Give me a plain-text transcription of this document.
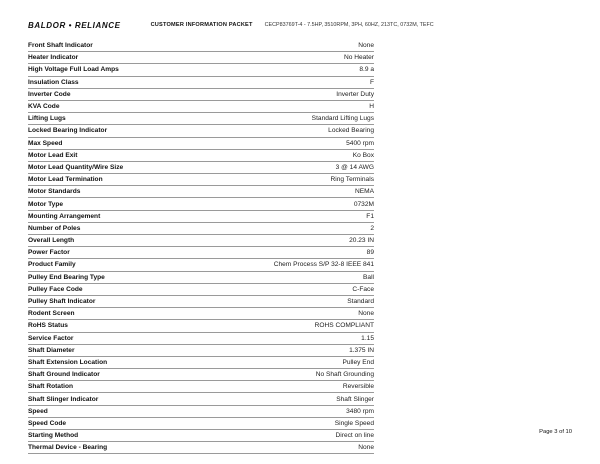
BALDOR • RELIANCE	CUSTOMER INFORMATION PACKET CECP83769T-4 - 7.5HP, 3510RPM, 3PH, 60HZ, 213TC, 0732M, TEFC
Front Shaft Indicator	None
Heater Indicator	No Heater
High Voltage Full Load Amps	8.9 a
Insulation Class	F
Inverter Code	Inverter Duty
KVA Code	H
Lifting Lugs	Standard Lifting Lugs
Locked Bearing Indicator	Locked Bearing
Max Speed	5400 rpm
Motor Lead Exit	Ko Box
Motor Lead Quantity/Wire Size	3 @ 14 AWG
Motor Lead Termination	Ring Terminals
Motor Standards	NEMA
Motor Type	0732M
Mounting Arrangement	F1
Number of Poles	2
Overall Length	20.23 IN
Power Factor	89
Product Family	Chem Process S/P 32-8 IEEE 841
Pulley End Bearing Type	Ball
Pulley Face Code	C-Face
Pulley Shaft Indicator	Standard
Rodent Screen	None
RoHS Status	ROHS COMPLIANT
Service Factor	1.15
Shaft Diameter	1.375 IN
Shaft Extension Location	Pulley End
Shaft Ground Indicator	No Shaft Grounding
Shaft Rotation	Reversible
Shaft Slinger Indicator	Shaft Slinger
Speed	3480 rpm
Speed Code	Single Speed
Starting Method	Direct on line
Thermal Device - Bearing	None
Page 3 of 10
